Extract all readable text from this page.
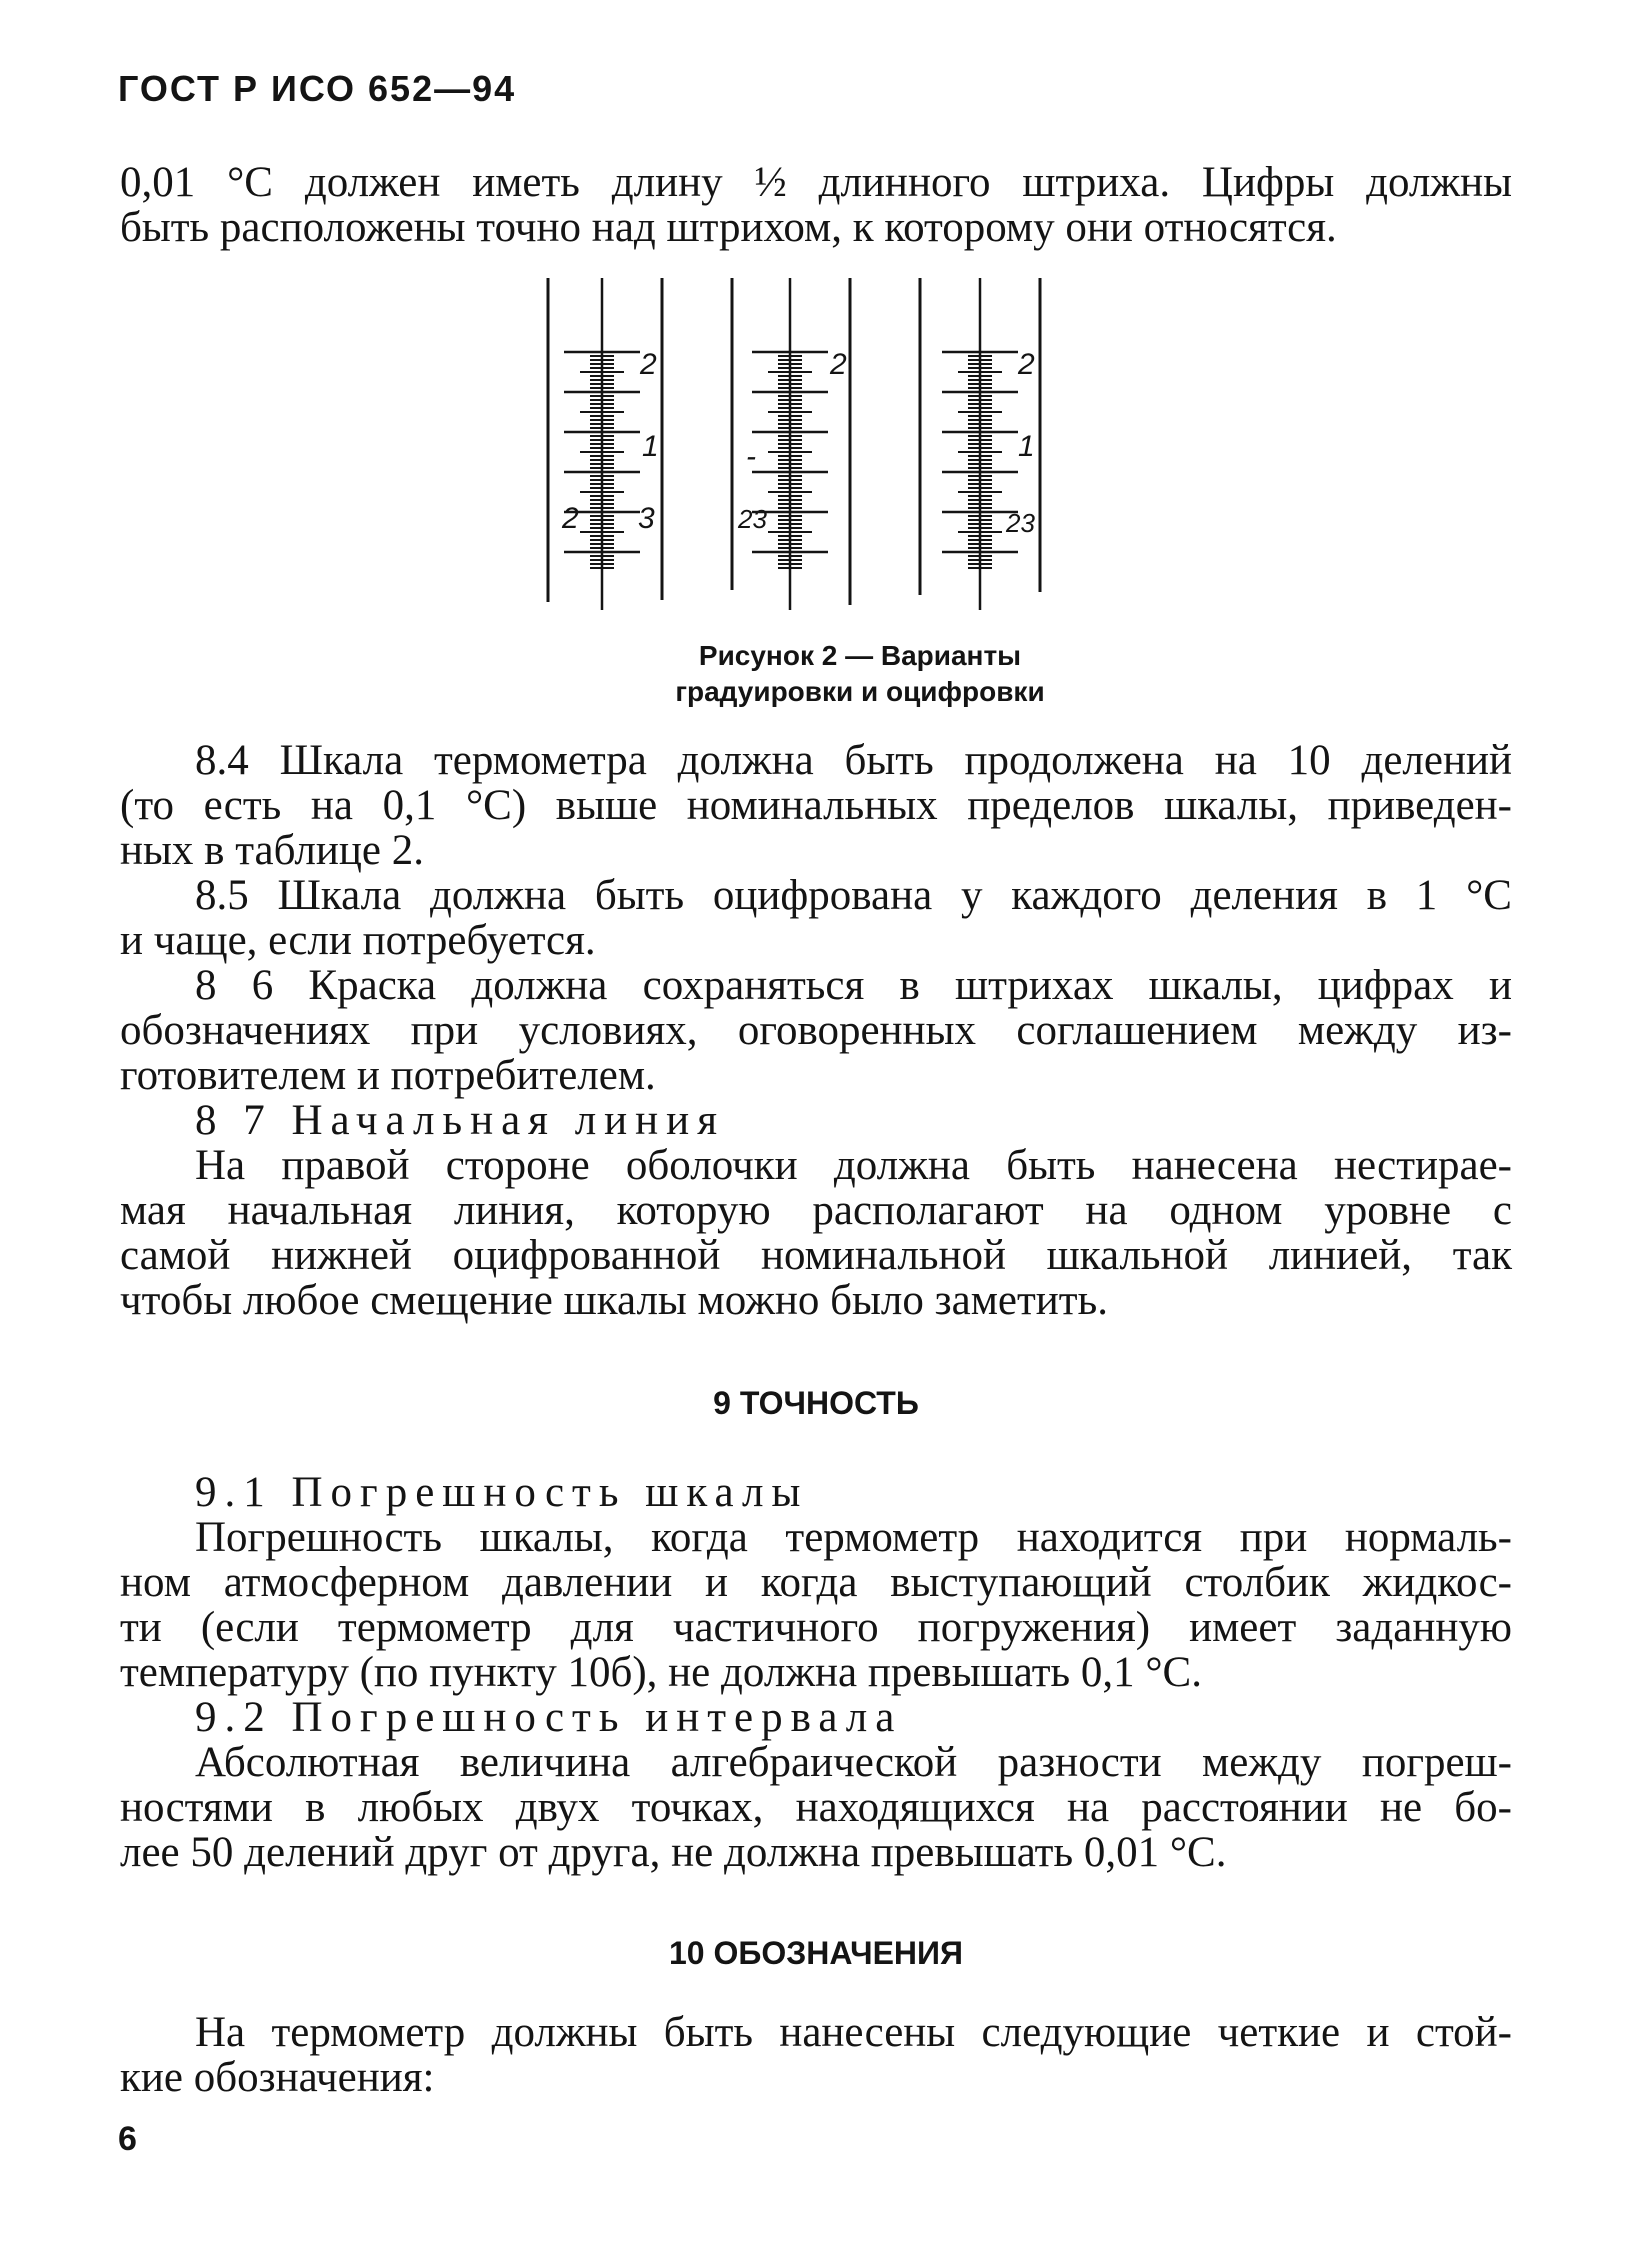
ГОСТ Р ИСО 652—94
0,01 °С должен иметь длину ½ длинного штриха. Цифры должны
быть расположены точно над штрихом, к которому они относятся.
2
1
2 3
2
-
23
2
1
23
Рисунок 2 — Варианты
градуировки и оцифровки
8.4 Шкала термометра должна быть продолжена на 10 делений
(то есть на 0,1 °С) выше номинальных пределов шкалы, приведен-
ных в таблице 2.
8.5 Шкала должна быть оцифрована у каждого деления в 1 °С
и чаще, если потребуется.
8 6 Краска должна сохраняться в штрихах шкалы, цифрах и
обозначениях при условиях, оговоренных соглашением между из-
готовителем и потребителем.
8 7 Начальная линия
На правой стороне оболочки должна быть нанесена нестирае-
мая начальная линия, которую располагают на одном уровне с
самой нижней оцифрованной номинальной шкальной линией, так
чтобы любое смещение шкалы можно было заметить.
9 ТОЧНОСТЬ
9.1 Погрешность шкалы
Погрешность шкалы, когда термометр находится при нормаль-
ном атмосферном давлении и когда выступающий столбик жидкос-
ти (если термометр для частичного погружения) имеет заданную
температуру (по пункту 10б), не должна превышать 0,1 °С.
9.2 Погрешность интервала
Абсолютная величина алгебраической разности между погреш-
ностями в любых двух точках, находящихся на расстоянии не бо-
лее 50 делений друг от друга, не должна превышать 0,01 °С.
10 ОБОЗНАЧЕНИЯ
На термометр должны быть нанесены следующие четкие и стой-
кие обозначения:
6
